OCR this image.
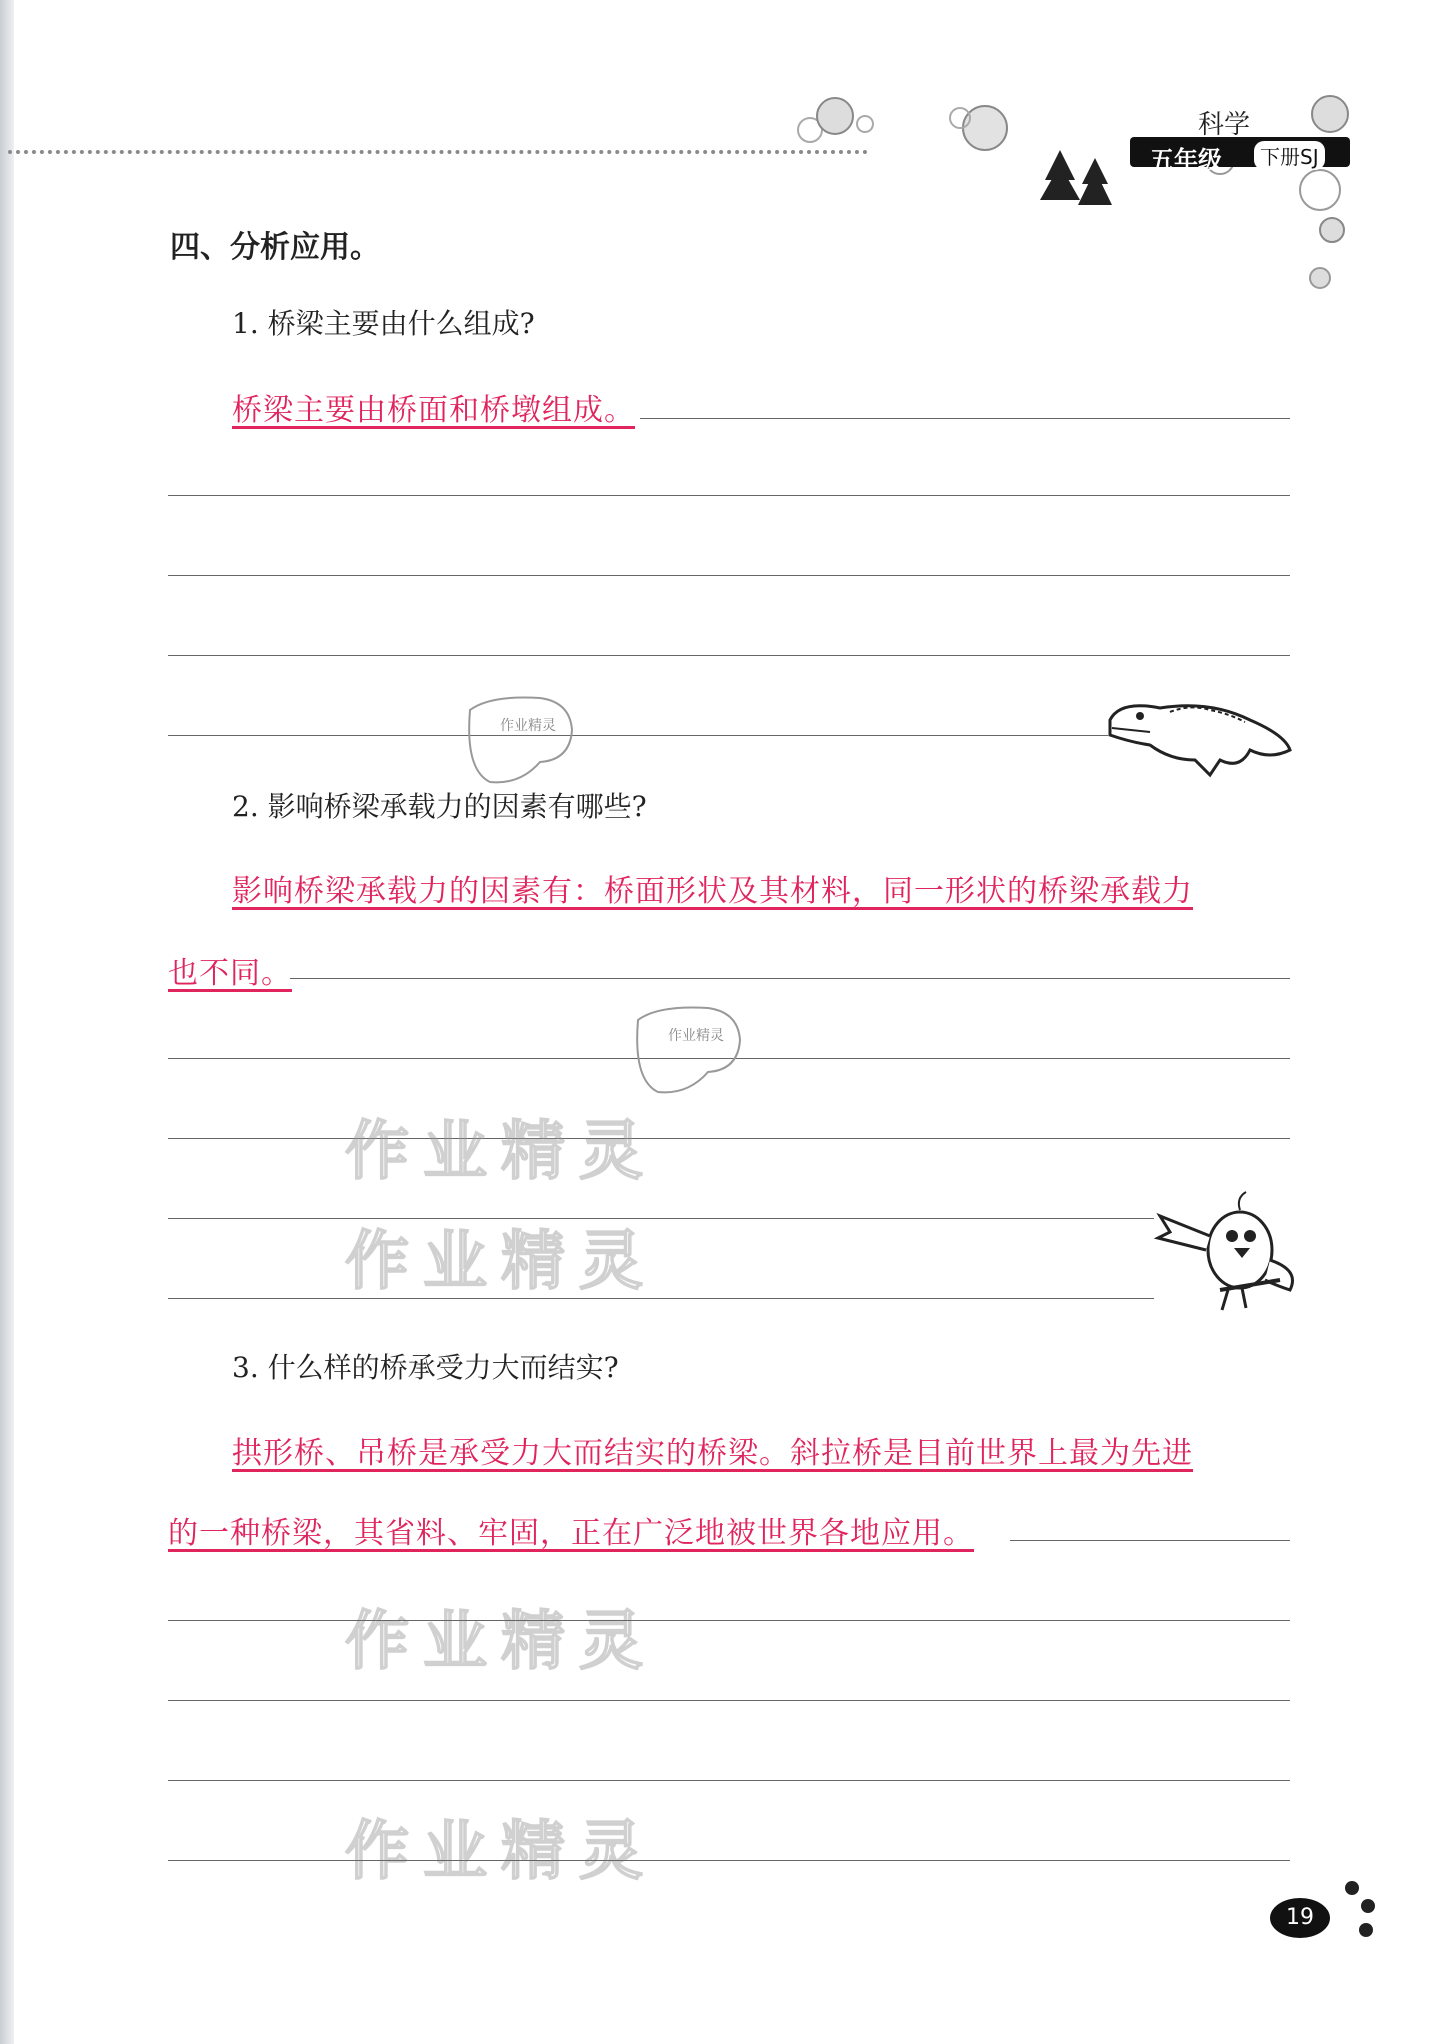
科学
五年级	下册SJ
四、分析应用。
1. 桥梁主要由什么组成?
桥梁主要由桥面和桥墩组成。
作业精灵
2. 影响桥梁承载力的因素有哪些?
影响桥梁承载力的因素有：桥面形状及其材料，同一形状的桥梁承载力
也不同。
作业精灵
作业精灵
作业精灵
作业精灵
作业精灵
3. 什么样的桥承受力大而结实?
拱形桥、吊桥是承受力大而结实的桥梁。斜拉桥是目前世界上最为先进
的一种桥梁，其省料、牢固，正在广泛地被世界各地应用。
19
